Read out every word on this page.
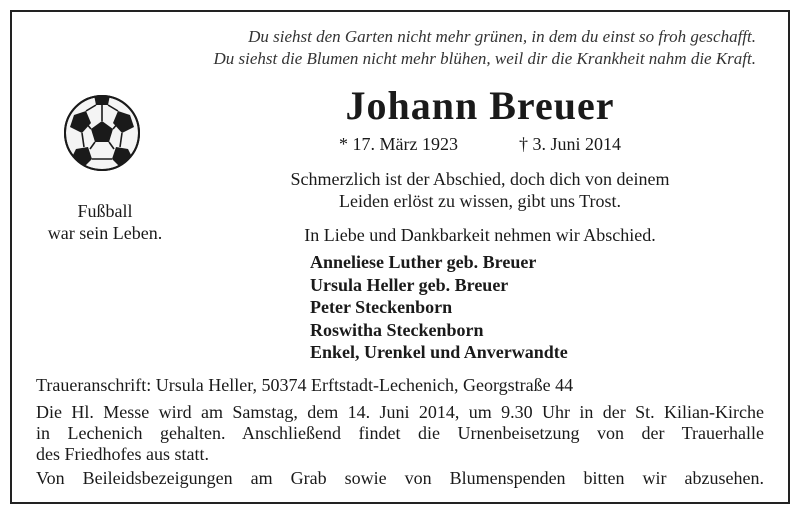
Du siehst den Garten nicht mehr grünen, in dem du einst so froh geschafft.
Du siehst die Blumen nicht mehr blühen, weil dir die Krankheit nahm die Kraft.
Fußball
war sein Leben.
Johann Breuer
* 17. März 1923	† 3. Juni 2014
Schmerzlich ist der Abschied, doch dich von deinem
Leiden erlöst zu wissen, gibt uns Trost.
In Liebe und Dankbarkeit nehmen wir Abschied.
Anneliese Luther geb. Breuer
Ursula Heller geb. Breuer
Peter Steckenborn
Roswitha Steckenborn
Enkel, Urenkel und Anverwandte
Traueranschrift: Ursula Heller, 50374 Erftstadt-Lechenich, Georgstraße 44
Die Hl. Messe wird am Samstag, dem 14. Juni 2014, um 9.30 Uhr in der St. Kilian-Kirche
in Lechenich gehalten. Anschließend findet die Urnenbeisetzung von der Trauerhalle
des Friedhofes aus statt.
Von Beileidsbezeigungen am Grab sowie von Blumenspenden bitten wir abzusehen.
